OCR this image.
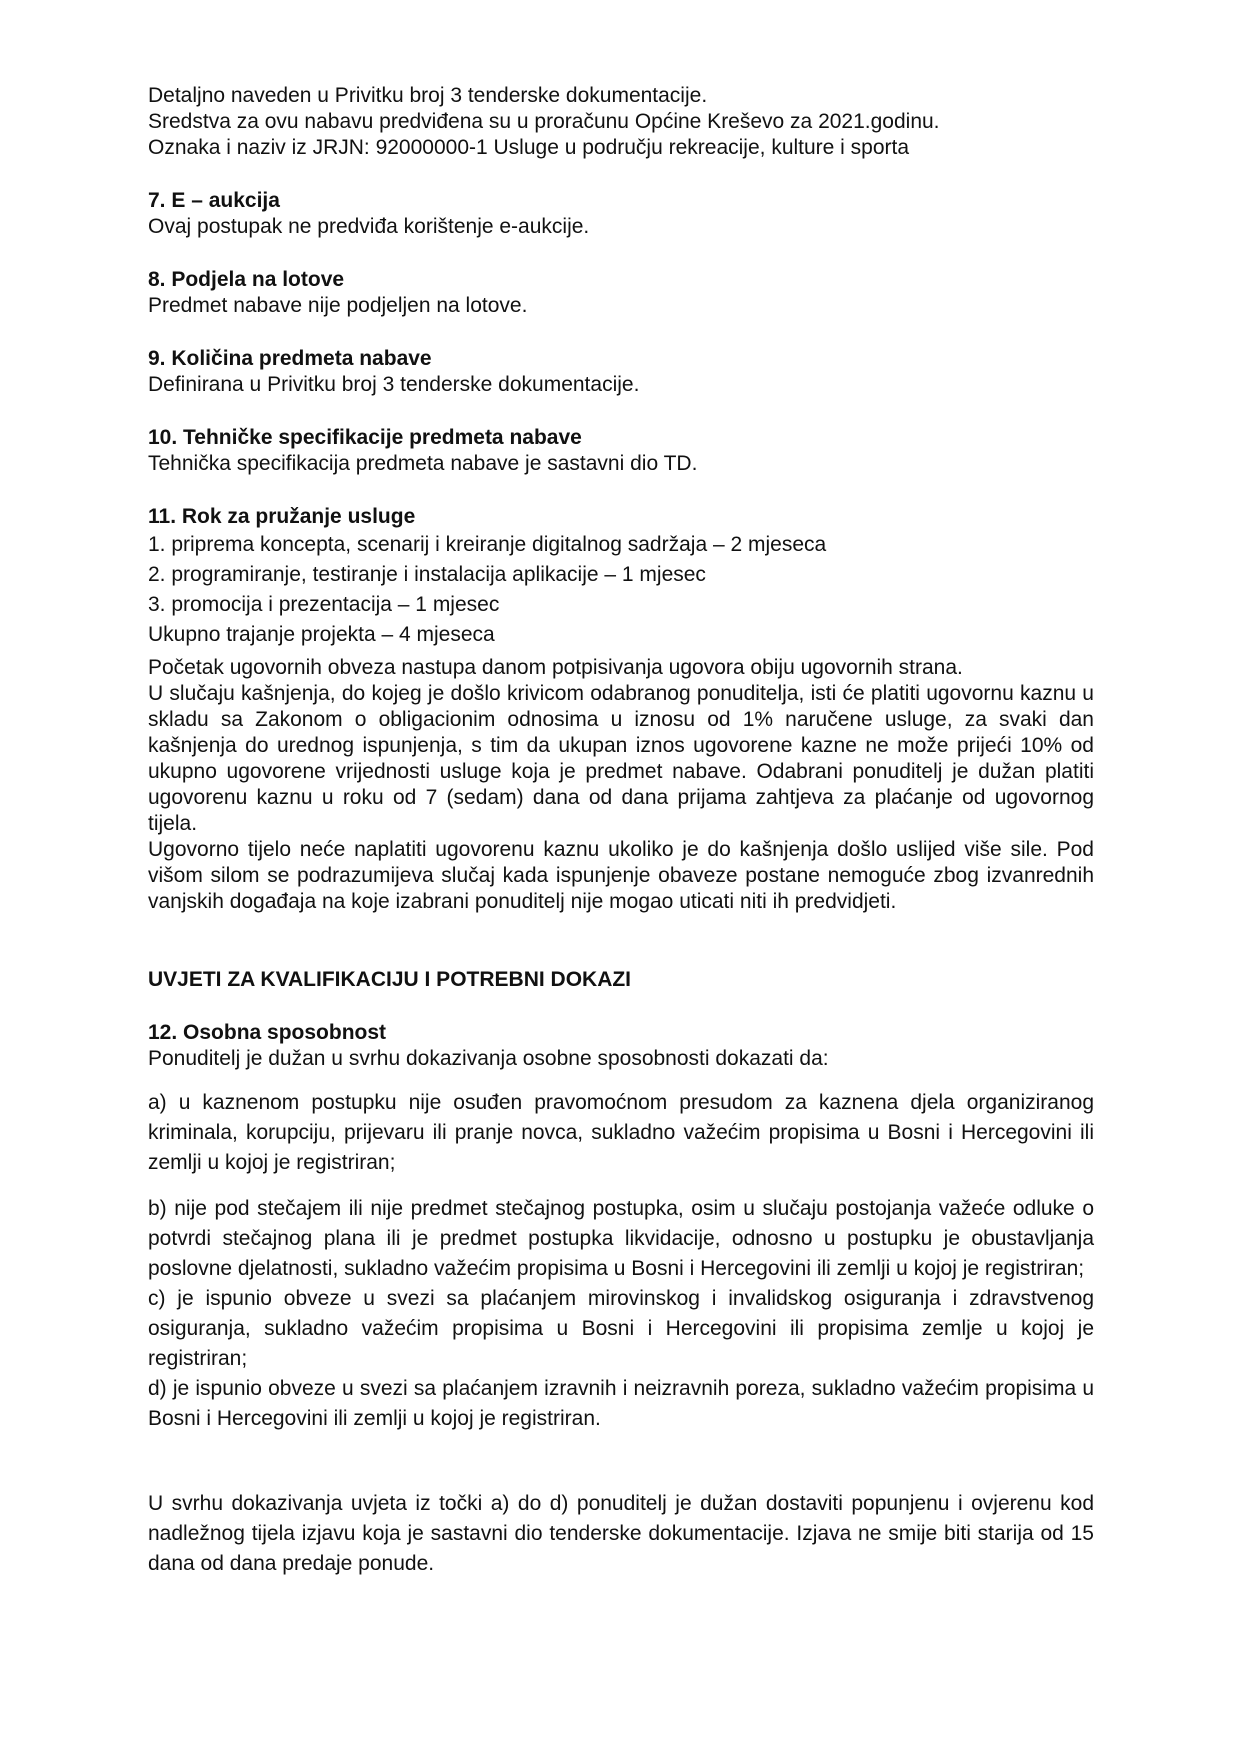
Detaljno naveden u Privitku broj 3 tenderske dokumentacije.
Sredstva za ovu nabavu predviđena su u proračunu Općine Kreševo za 2021.godinu.
Oznaka i naziv iz JRJN: 92000000-1 Usluge u području rekreacije, kulture i sporta
7. E – aukcija
Ovaj postupak ne predviđa korištenje e-aukcije.
8. Podjela na lotove
Predmet nabave nije podjeljen na lotove.
9. Količina predmeta nabave
Definirana u Privitku broj 3 tenderske dokumentacije.
10. Tehničke specifikacije predmeta nabave
Tehnička specifikacija predmeta nabave je sastavni dio TD.
11. Rok za pružanje usluge
1. priprema koncepta, scenarij i kreiranje digitalnog sadržaja – 2 mjeseca
2. programiranje, testiranje i instalacija aplikacije – 1 mjesec
3. promocija i prezentacija – 1 mjesec
Ukupno trajanje projekta – 4 mjeseca
Početak ugovornih obveza nastupa danom potpisivanja ugovora obiju ugovornih strana.
U slučaju kašnjenja, do kojeg je došlo krivicom odabranog ponuditelja, isti će platiti ugovornu kaznu u skladu sa Zakonom o obligacionim odnosima u iznosu od 1% naručene usluge, za svaki dan kašnjenja do urednog ispunjenja, s tim da ukupan iznos ugovorene kazne ne može prijeći 10% od ukupno ugovorene vrijednosti usluge koja je predmet nabave. Odabrani ponuditelj je dužan platiti ugovorenu kaznu u roku od 7 (sedam) dana od dana prijama zahtjeva za plaćanje od ugovornog tijela.
Ugovorno tijelo neće naplatiti ugovorenu kaznu ukoliko je do kašnjenja došlo uslijed više sile. Pod višom silom se podrazumijeva slučaj kada ispunjenje obaveze postane nemoguće zbog izvanrednih vanjskih događaja na koje izabrani ponuditelj nije mogao uticati niti ih predvidjeti.
UVJETI ZA KVALIFIKACIJU I POTREBNI DOKAZI
12. Osobna sposobnost
Ponuditelj je dužan u svrhu dokazivanja osobne sposobnosti dokazati da:
a) u kaznenom postupku nije osuđen pravomoćnom presudom za kaznena djela organiziranog kriminala, korupciju, prijevaru ili pranje novca, sukladno važećim propisima u Bosni i Hercegovini ili zemlji u kojoj je registriran;
b) nije pod stečajem ili nije predmet stečajnog postupka, osim u slučaju postojanja važeće odluke o potvrdi stečajnog plana ili je predmet postupka likvidacije, odnosno u postupku je obustavljanja poslovne djelatnosti, sukladno važećim propisima u Bosni i Hercegovini ili zemlji u kojoj je registriran;
c) je ispunio obveze u svezi sa plaćanjem mirovinskog i invalidskog osiguranja i zdravstvenog osiguranja, sukladno važećim propisima u Bosni i Hercegovini ili propisima zemlje u kojoj je registriran;
d) je ispunio obveze u svezi sa plaćanjem izravnih i neizravnih poreza, sukladno važećim propisima u Bosni i Hercegovini ili zemlji u kojoj je registriran.
U svrhu dokazivanja uvjeta iz točki a) do d) ponuditelj je dužan dostaviti popunjenu i ovjerenu kod nadležnog tijela izjavu koja je sastavni dio tenderske dokumentacije. Izjava ne smije biti starija od 15 dana od dana predaje ponude.
